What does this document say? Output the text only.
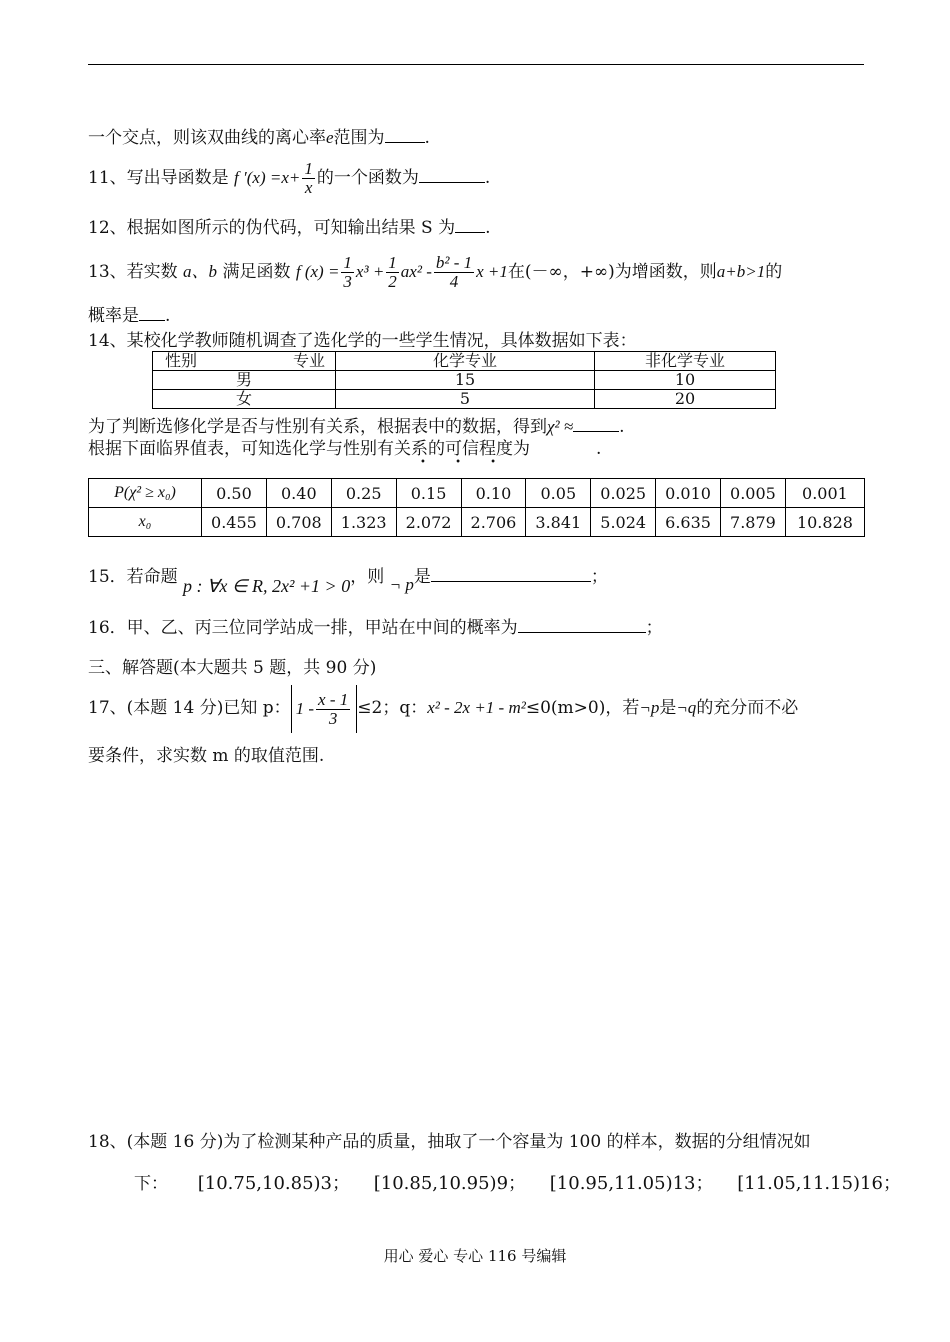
一个交点，则该双曲线的离心率e范围为 .
11、写出导函数是 f $'(x) =x+ \frac{1}{x}$ 的一个函数为	.
12、根据如图所示的伪代码，可知输出结果 S 为 .
13、若实数 a、b 满足函数 f $(x) = \frac{1}{3} x^3 + \frac{1}{2} ax^2 - \frac{\text{b² - 1}}{4}$ x +1在(－∞，+∞)为增函数，则a+b>1的
概率是 .
14、某校化学教师随机调查了选化学的一些学生情况，具体数据如下表：
性别 专业	化学专业	非化学专业
男	15	10
女	5	20
为了判断选修化学是否与性别有关系，根据表中的数据，得到χ² ≈	.
根据下面临界值表，可知选化学与性别有关系的可信程度为	.
• • •
P(χ² ≥ x₀)	0.50	0.40	0.25	0.15	0.10	0.05	0.025	0.010	0.005	0.001
x₀	0.455	0.708	1.323	2.072	2.706	3.841	5.024	6.635	7.879	10.828
15．若命题 p : ∀x ∈ R, 2x² +1 > 0，则 ¬ p是	；
16．甲、乙、丙三位同学站成一排，甲站在中间的概率为	；
三、解答题(本大题共 5 题，共 90 分)
17、(本题 14 分)已知 p： $1 - \frac{x - 1}{3} \le 2$；q：x² - 2x +1 - m²≤0(m>0)，若¬p是¬q的充分而不必
要条件，求实数 m 的取值范围.
18、(本题 16 分)为了检测某种产品的质量，抽取了一个容量为 100 的样本，数据的分组情况如
下： [10.75,10.85)3； [10.85,10.95)9； [10.95,11.05)13； [11.05,11.15)16；
用心 爱心 专心 116 号编辑
